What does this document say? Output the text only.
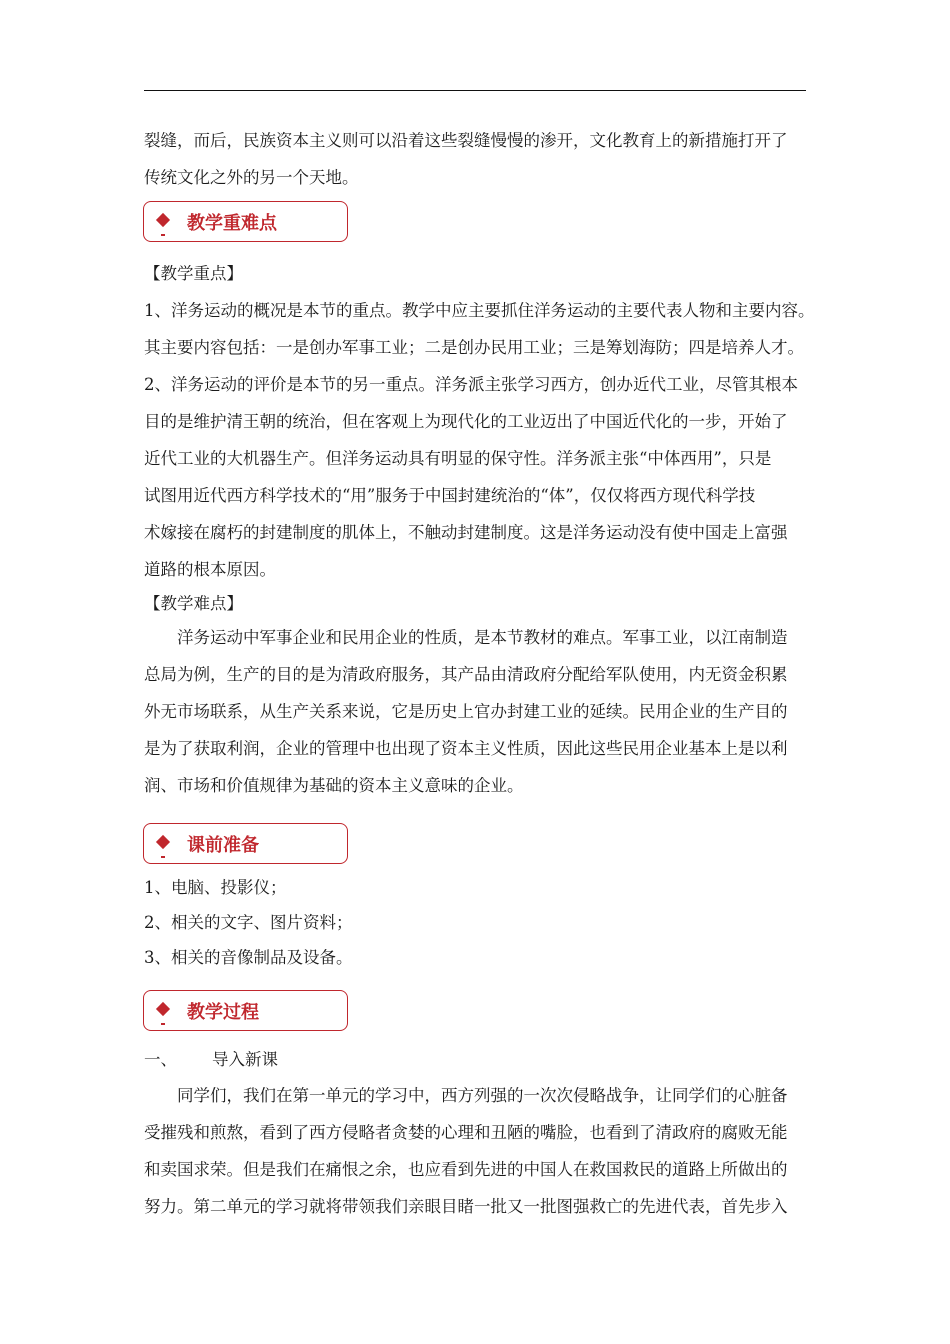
裂缝，而后，民族资本主义则可以沿着这些裂缝慢慢的渗开，文化教育上的新措施打开了
传统文化之外的另一个天地。

教学重难点

【教学重点】
1、洋务运动的概况是本节的重点。教学中应主要抓住洋务运动的主要代表人物和主要内容。
其主要内容包括：一是创办军事工业；二是创办民用工业；三是筹划海防；四是培养人才。
2、洋务运动的评价是本节的另一重点。洋务派主张学习西方，创办近代工业，尽管其根本
目的是维护清王朝的统治，但在客观上为现代化的工业迈出了中国近代化的一步，开始了
近代工业的大机器生产。但洋务运动具有明显的保守性。洋务派主张“中体西用”，只是
试图用近代西方科学技术的“用”服务于中国封建统治的“体”，仅仅将西方现代科学技
术嫁接在腐朽的封建制度的肌体上，不触动封建制度。这是洋务运动没有使中国走上富强
道路的根本原因。

【教学难点】

洋务运动中军事企业和民用企业的性质，是本节教材的难点。军事工业，以江南制造
总局为例，生产的目的是为清政府服务，其产品由清政府分配给军队使用，内无资金积累
外无市场联系，从生产关系来说，它是历史上官办封建工业的延续。民用企业的生产目的
是为了获取利润，企业的管理中也出现了资本主义性质，因此这些民用企业基本上是以利
润、市场和价值规律为基础的资本主义意味的企业。

课前准备

1、电脑、投影仪；
2、相关的文字、图片资料；
3、相关的音像制品及设备。

教学过程
一、 导入新课

同学们，我们在第一单元的学习中，西方列强的一次次侵略战争，让同学们的心脏备
受摧残和煎熬，看到了西方侵略者贪婪的心理和丑陋的嘴脸，也看到了清政府的腐败无能
和卖国求荣。但是我们在痛恨之余，也应看到先进的中国人在救国救民的道路上所做出的
努力。第二单元的学习就将带领我们亲眼目睹一批又一批图强救亡的先进代表，首先步入
